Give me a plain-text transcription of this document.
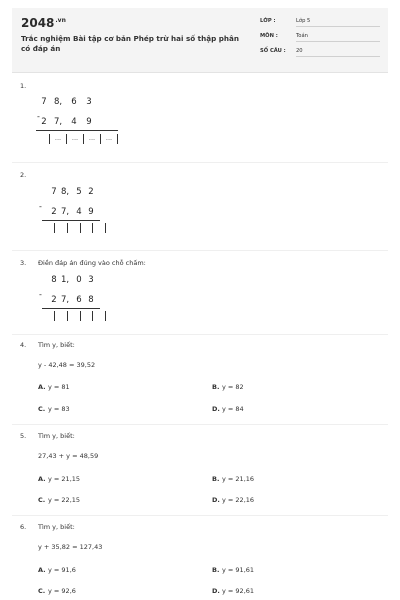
$2048^{.vn}$
Trắc nghiệm Bài tập cơ bản Phép trừ hai số thập phân có đáp án
LỚP :	Lớp 5
MÔN :	Toán
SỐ CÂU :	20
1.
7 8,	6	3
-
2 7,	4	9
...	...	...	...
2.
7 8, 5 2
-
2 7, 4 9
3. Điền đáp án đúng vào chỗ chấm:
8 1, 0 3
-
2 7, 6 8
4. Tìm y, biết:
y - 42,48 = 39,52
A. y = 81	B. y = 82
C. y = 83	D. y = 84
5. Tìm y, biết:
27,43 + y = 48,59
A. y = 21,15	B. y = 21,16
C. y = 22,15	D. y = 22,16
6. Tìm y, biết:
y + 35,82 = 127,43
A. y = 91,6	B. y = 91,61
C. y = 92,6	D. y = 92,61
